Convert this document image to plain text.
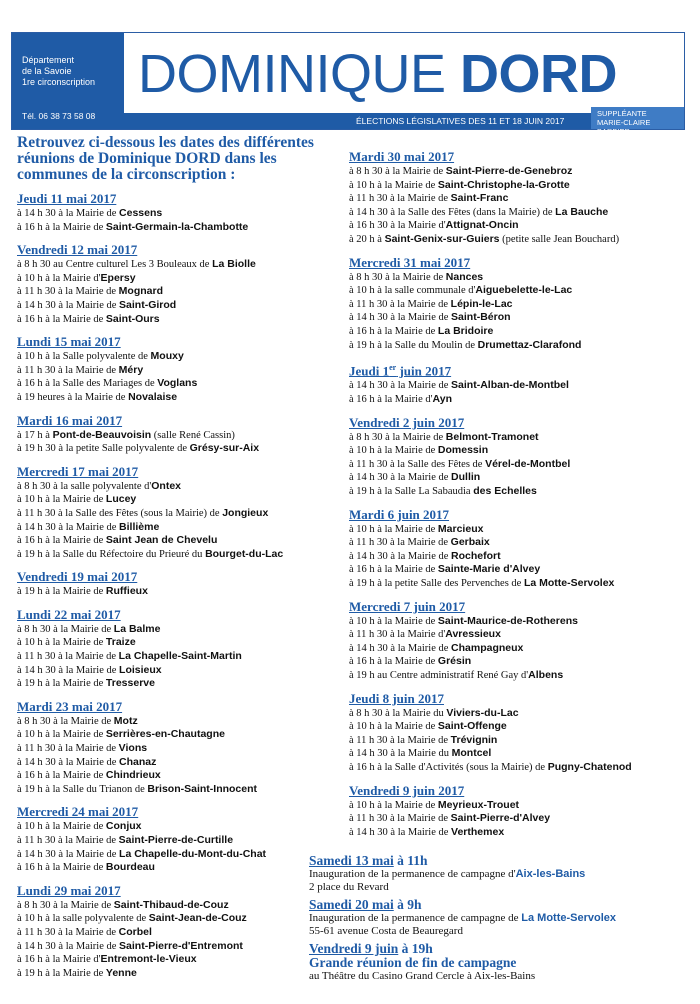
Département
de la Savoie
1re circonscription
Tél. 06 38 73 58 08
DOMINIQUE DORD
ÉLECTIONS LÉGISLATIVES DES 11 ET 18 JUIN 2017
SUPPLÉANTE
MARIE-CLAIRE BARBIER
Retrouvez ci-dessous les dates des différentes réunions de Dominique DORD dans les communes de la circonscription :
Jeudi 11 mai 2017
à 14 h 30 à la Mairie de Cessens
à 16 h à la Mairie de Saint-Germain-la-Chambotte
Vendredi 12 mai 2017
à 8 h 30 au Centre culturel Les 3 Bouleaux de La Biolle
à 10 h à la Mairie d'Epersy
à 11 h 30 à la Mairie de Mognard
à 14 h 30 à la Mairie de Saint-Girod
à 16 h à la Mairie de Saint-Ours
Lundi 15 mai 2017
à 10 h à la Salle polyvalente de Mouxy
à 11 h 30 à la Mairie de Méry
à 16 h à la Salle des Mariages de Voglans
à 19 heures à la Mairie de Novalaise
Mardi 16 mai 2017
à 17 h à Pont-de-Beauvoisin (salle René Cassin)
à 19 h 30 à la petite Salle polyvalente de Grésy-sur-Aix
Mercredi 17 mai 2017
à 8 h 30 à la salle polyvalente d'Ontex
à 10 h à la Mairie de Lucey
à 11 h 30 à la Salle des Fêtes (sous la Mairie) de Jongieux
à 14 h 30 à la Mairie de Billième
à 16 h à la Mairie de Saint Jean de Chevelu
à 19 h à la Salle du Réfectoire du Prieuré du Bourget-du-Lac
Vendredi 19 mai 2017
à 19 h à la Mairie de Ruffieux
Lundi 22 mai 2017
à 8 h 30 à la Mairie de La Balme
à 10 h à la Mairie de Traize
à 11 h 30 à la Mairie de La Chapelle-Saint-Martin
à 14 h 30 à la Mairie de Loisieux
à 19 h à la Mairie de Tresserve
Mardi 23 mai 2017
à 8 h 30 à la Mairie de Motz
à 10 h à la Mairie de Serrières-en-Chautagne
à 11 h 30 à la Mairie de Vions
à 14 h 30 à la Mairie de Chanaz
à 16 h à la Mairie de Chindrieux
à 19 h à la Salle du Trianon de Brison-Saint-Innocent
Mercredi 24 mai 2017
à 10 h à la Mairie de Conjux
à 11 h 30 à la Mairie de Saint-Pierre-de-Curtille
à 14 h 30 à la Mairie de La Chapelle-du-Mont-du-Chat
à 16 h à la Mairie de Bourdeau
Lundi 29 mai 2017
à 8 h 30 à la Mairie de Saint-Thibaud-de-Couz
à 10 h à la salle polyvalente de Saint-Jean-de-Couz
à 11 h 30 à la Mairie de Corbel
à 14 h 30 à la Mairie de Saint-Pierre-d'Entremont
à 16 h à la Mairie d'Entremont-le-Vieux
à 19 h à la Mairie de Yenne
Mardi 30 mai 2017
à 8 h 30 à la Mairie de Saint-Pierre-de-Genebroz
à 10 h à la Mairie de Saint-Christophe-la-Grotte
à 11 h 30 à la Mairie de Saint-Franc
à 14 h 30 à la Salle des Fêtes (dans la Mairie) de La Bauche
à 16 h 30 à la Mairie d'Attignat-Oncin
à 20 h à Saint-Genix-sur-Guiers (petite salle Jean Bouchard)
Mercredi 31 mai 2017
à 8 h 30 à la Mairie de Nances
à 10 h à la salle communale d'Aiguebelette-le-Lac
à 11 h 30 à la Mairie de Lépin-le-Lac
à 14 h 30 à la Mairie de Saint-Béron
à 16 h à la Mairie de La Bridoire
à 19 h à la Salle du Moulin de Drumettaz-Clarafond
Jeudi 1er juin 2017
à 14 h 30 à la Mairie de Saint-Alban-de-Montbel
à 16 h à la Mairie d'Ayn
Vendredi 2 juin 2017
à 8 h 30 à la Mairie de Belmont-Tramonet
à 10 h à la Mairie de Domessin
à 11 h 30 à la Salle des Fêtes de Vérel-de-Montbel
à 14 h 30 à la Mairie de Dullin
à 19 h à la Salle La Sabaudia des Echelles
Mardi 6 juin 2017
à 10 h à la Mairie de Marcieux
à 11 h 30 à la Mairie de Gerbaix
à 14 h 30 à la Mairie de Rochefort
à 16 h à la Mairie de Sainte-Marie d'Alvey
à 19 h à la petite Salle des Pervenches de La Motte-Servolex
Mercredi 7 juin 2017
à 10 h à la Mairie de Saint-Maurice-de-Rotherens
à 11 h 30 à la Mairie d'Avressieux
à 14 h 30 à la Mairie de Champagneux
à 16 h à la Mairie de Grésin
à 19 h au Centre administratif René Gay d'Albens
Jeudi 8 juin 2017
à 8 h 30 à la Mairie du Viviers-du-Lac
à 10 h à la Mairie de Saint-Offenge
à 11 h 30 à la Mairie de Trévignin
à 14 h 30 à la Mairie du Montcel
à 16 h à la Salle d'Activités (sous la Mairie) de Pugny-Chatenod
Vendredi 9 juin 2017
à 10 h à la Mairie de Meyrieux-Trouet
à 11 h 30 à la Mairie de Saint-Pierre-d'Alvey
à 14 h 30 à la Mairie de Verthemex
Samedi 13 mai à 11h
Inauguration de la permanence de campagne d'Aix-les-Bains
2 place du Revard
Samedi 20 mai à 9h
Inauguration de la permanence de campagne de La Motte-Servolex
55-61 avenue Costa de Beauregard
Vendredi 9 juin à 19h
Grande réunion de fin de campagne
au Théâtre du Casino Grand Cercle à Aix-les-Bains
